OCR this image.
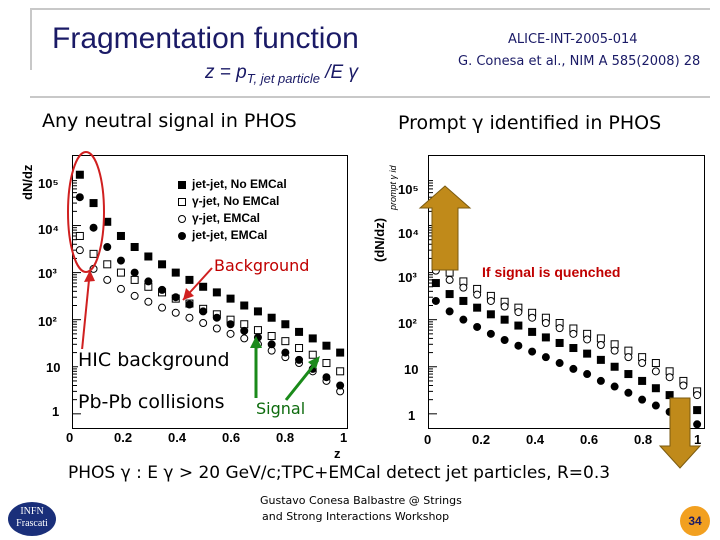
Fragmentation function
$z = p_{T, jet particle}$ /E γ
ALICE-INT-2005-014
G. Conesa et al., NIM A 585(2008) 28
Any neutral signal in PHOS	Prompt γ identified in PHOS
dN/dz 10⁵
10⁴
10³
10²
10
1
0	0.2	0.4	0.6	0.8	1
z
jet-jet, No EMCal
γ-jet, No EMCal
γ-jet, EMCal
jet-jet, EMCal	(dN/dz)
prompt γ id 10⁵
10⁴
10³
10²
10
1
0	0.2	0.4	0.6	0.8	1
Background
HIC background
Pb-Pb collisions Signal
If signal is quenched
PHOS γ : E γ > 20 GeV/c;TPC+EMCal detect jet particles, R=0.3
Gustavo Conesa Balbastre @ Strings
and Strong Interactions Workshop
INFN
Frascati	34
